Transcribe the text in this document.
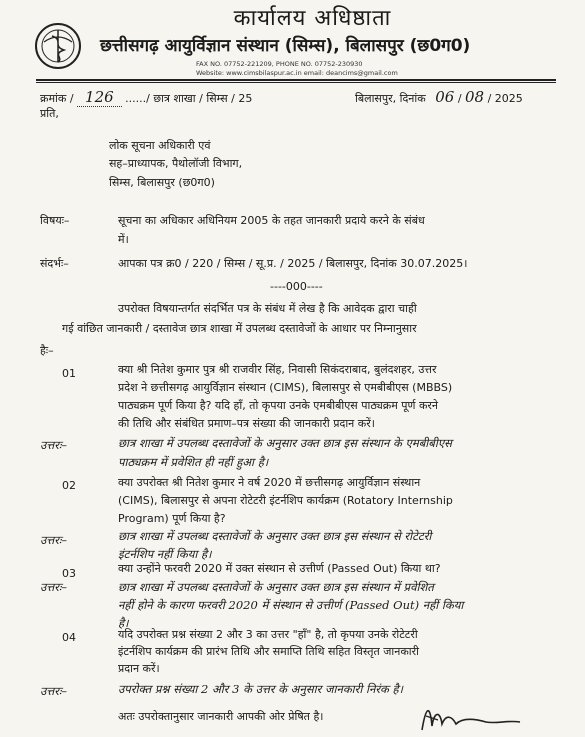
कार्यालय अधिष्ठाता
छत्तीसगढ़ आयुर्विज्ञान संस्थान (सिम्स), बिलासपुर (छ0ग0)
FAX NO. 07752-221209, PHONE NO. 07752-230930
Website: www.cimsbilaspur.ac.in email: deancims@gmail.com
क्रमांक / 126 ....../ छात्र शाखा / सिम्स / 25	बिलासपुर, दिनांक 06 / 08 / 2025
प्रति,
लोक सूचना अधिकारी एवं
सह–प्राध्यापक, पैथोलॉजी विभाग,
सिम्स, बिलासपुर (छ0ग0)
विषयः–	सूचना का अधिकार अधिनियम 2005 के तहत जानकारी प्रदाये करने के संबंध
में।
संदर्भः–	आपका पत्र क्र0 / 220 / सिम्स / सू.प्र. / 2025 / बिलासपुर, दिनांक 30.07.2025।
----000----
उपरोक्त विषयान्तर्गत संदर्भित पत्र के संबंध में लेख है कि आवेदक द्वारा चाही
गई वांछित जानकारी / दस्तावेज छात्र शाखा में उपलब्ध दस्तावेजों के आधार पर निम्नानुसार
हैः–
01	क्या श्री नितेश कुमार पुत्र श्री राजवीर सिंह, निवासी सिकंदराबाद, बुलंदशहर, उत्तर
प्रदेश ने छत्तीसगढ़ आयुर्विज्ञान संस्थान (CIMS), बिलासपुर से एमबीबीएस (MBBS)
पाठ्यक्रम पूर्ण किया है? यदि हाँ, तो कृपया उनके एमबीबीएस पाठ्यक्रम पूर्ण करने
की तिथि और संबंधित प्रमाण–पत्र संख्या की जानकारी प्रदान करें।
उत्तरः–	छात्र शाखा में उपलब्ध दस्तावेजों के अनुसार उक्त छात्र इस संस्थान के एमबीबीएस
पाठ्यक्रम में प्रवेशित ही नहीं हुआ है।
02	क्या उपरोक्त श्री नितेश कुमार ने वर्ष 2020 में छत्तीसगढ़ आयुर्विज्ञान संस्थान
(CIMS), बिलासपुर से अपना रोटेटरी इंटर्नशिप कार्यक्रम (Rotatory Internship
Program) पूर्ण किया है?
उत्तरः–	छात्र शाखा में उपलब्ध दस्तावेजों के अनुसार उक्त छात्र इस संस्थान से रोटेटरी
इंटर्नशिप नहीं किया है।
03	क्या उन्होंने फरवरी 2020 में उक्त संस्थान से उत्तीर्ण (Passed Out) किया था?
उत्तरः–	छात्र शाखा में उपलब्ध दस्तावेजों के अनुसार उक्त छात्र इस संस्थान में प्रवेशित
नहीं होने के कारण फरवरी 2020 में संस्थान से उत्तीर्ण (Passed Out) नहीं किया
है।
04	यदि उपरोक्त प्रश्न संख्या 2 और 3 का उत्तर "हाँ" है, तो कृपया उनके रोटेटरी
इंटर्नशिप कार्यक्रम की प्रारंभ तिथि और समाप्ति तिथि सहित विस्तृत जानकारी
प्रदान करें।
उत्तरः–	उपरोक्त प्रश्न संख्या 2 और 3 के उत्तर के अनुसार जानकारी निरंक है।
अतः उपरोक्तानुसार जानकारी आपकी ओर प्रेषित है।
